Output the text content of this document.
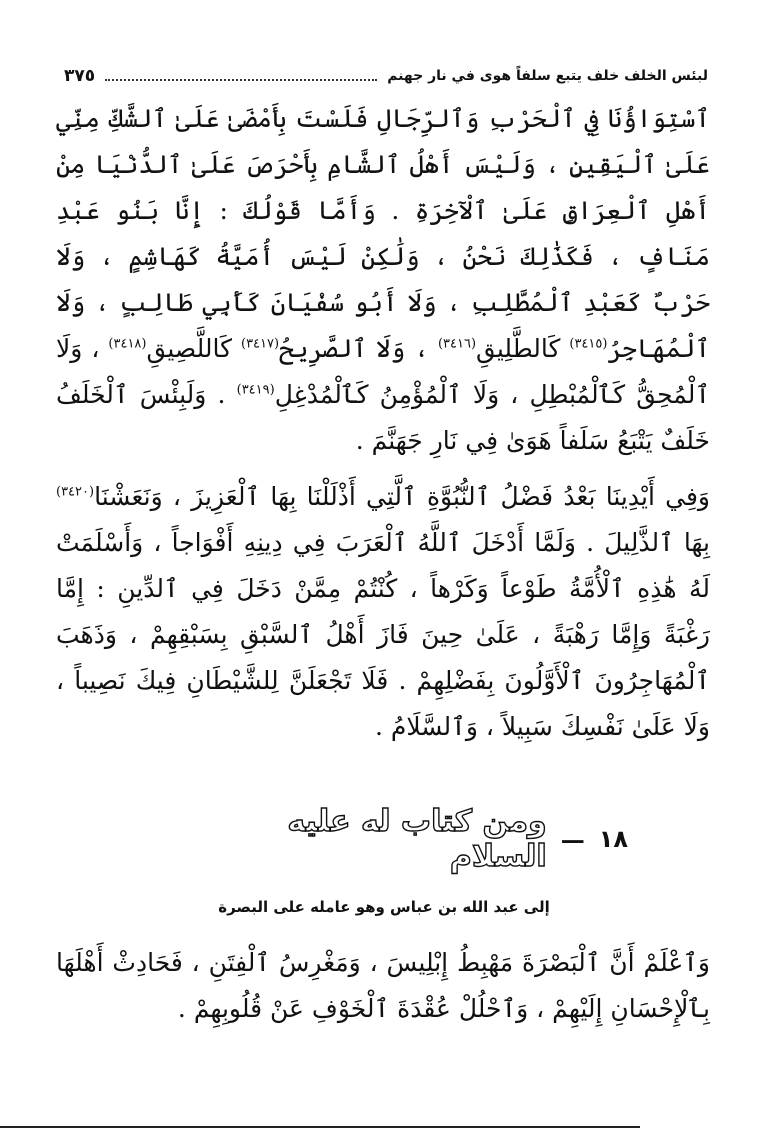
لبئس الخلف خلف يتبع سلفاً هوى في نار جهنم
٣٧٥

ٱسْتِوَاؤُنَا فِي ٱلْحَرْبِ وَٱلرِّجَالِ فَلَسْتَ بِأَمْضَىٰ عَلَىٰ ٱلشَّكِّ مِنِّي عَلَىٰ ٱلْيَقِينِ ، وَلَيْسَ أَهْلُ ٱلشَّامِ بِأَحْرَصَ عَلَىٰ ٱلدُّنْيَا مِنْ أَهْلِ ٱلْعِرَاقِ عَلَىٰ ٱلْآخِرَةِ . وَأَمَّا قَوْلُكَ : إِنَّا بَنُو عَبْدِ مَنَافٍ ، فَكَذَٰلِكَ نَحْنُ ، وَلَٰكِنْ لَيْسَ أُمَيَّةُ كَهَاشِمٍ ، وَلَا حَرْبٌ كَعَبْدِ ٱلْمُطَّلِبِ ، وَلَا أَبُو سُفْيَانَ كَأَبِي طَالِبٍ ، وَلَا ٱلْمُهَاجِرُ$^{(٣٤١٥)}$ كَالطَّلِيقِ$^{(٣٤١٦)}$ ، وَلَا ٱلصَّرِيحُ$^{(٣٤١٧)}$ كَاللَّصِيقِ$^{(٣٤١٨)}$ ، وَلَا ٱلْمُحِقُّ كَٱلْمُبْطِلِ ، وَلَا ٱلْمُؤْمِنُ كَٱلْمُدْغِلِ$^{(٣٤١٩)}$ . وَلَبِئْسَ ٱلْخَلَفُ خَلَفٌ يَتْبَعُ سَلَفاً هَوَىٰ فِي نَارِ جَهَنَّمَ .

وَفِي أَيْدِينَا بَعْدُ فَضْلُ ٱلنُّبُوَّةِ ٱلَّتِي أَذْلَلْنَا بِهَا ٱلْعَزِيزَ ، وَنَعَشْنَا$^{(٣٤٢٠)}$ بِهَا ٱلذَّلِيلَ . وَلَمَّا أَدْخَلَ ٱللَّهُ ٱلْعَرَبَ فِي دِينِهِ أَفْوَاجاً ، وَأَسْلَمَتْ لَهُ هَٰذِهِ ٱلْأُمَّةُ طَوْعاً وَكَرْهاً ، كُنْتُمْ مِمَّنْ دَخَلَ فِي ٱلدِّينِ : إِمَّا رَغْبَةً وَإِمَّا رَهْبَةً ، عَلَىٰ حِينَ فَازَ أَهْلُ ٱلسَّبْقِ بِسَبْقِهِمْ ، وَذَهَبَ ٱلْمُهَاجِرُونَ ٱلْأَوَّلُونَ بِفَضْلِهِمْ . فَلَا تَجْعَلَنَّ لِلشَّيْطَانِ فِيكَ نَصِيباً ، وَلَا عَلَىٰ نَفْسِكَ سَبِيلاً ، وَٱلسَّلَامُ .

١٨
—
ومن كتاب له عليه السلام
إلى عبد الله بن عباس وهو عامله على البصرة

وَٱعْلَمْ أَنَّ ٱلْبَصْرَةَ مَهْبِطُ إِبْلِيسَ ، وَمَغْرِسُ ٱلْفِتَنِ ، فَحَادِثْ أَهْلَهَا بِٱلْإِحْسَانِ إِلَيْهِمْ ، وَٱحْلُلْ عُقْدَةَ ٱلْخَوْفِ عَنْ قُلُوبِهِمْ .
